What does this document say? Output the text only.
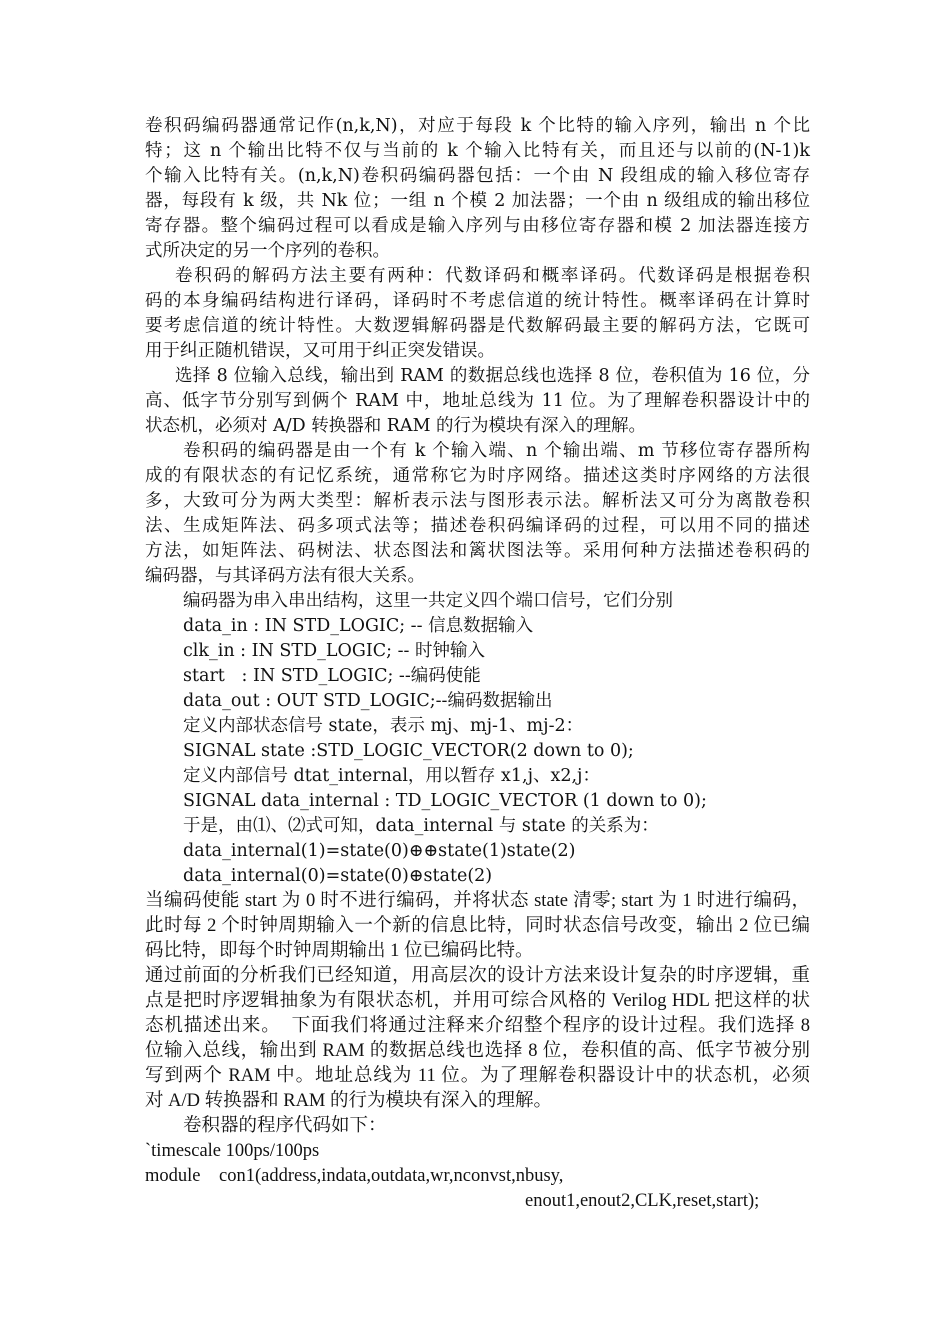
卷积码编码器通常记作(n,k,N)，对应于每段 k 个比特的输入序列，输出 n 个比
特；这 n 个输出比特不仅与当前的 k 个输入比特有关，而且还与以前的(N-1)k
个输入比特有关。(n,k,N)卷积码编码器包括：一个由 N 段组成的输入移位寄存
器，每段有 k 级，共 Nk 位；一组 n 个模 2 加法器；一个由 n 级组成的输出移位
寄存器。整个编码过程可以看成是输入序列与由移位寄存器和模 2 加法器连接方
式所决定的另一个序列的卷积。
卷积码的解码方法主要有两种：代数译码和概率译码。代数译码是根据卷积
码的本身编码结构进行译码，译码时不考虑信道的统计特性。概率译码在计算时
要考虑信道的统计特性。大数逻辑解码器是代数解码最主要的解码方法，它既可
用于纠正随机错误，又可用于纠正突发错误。
选择 8 位输入总线，输出到 RAM 的数据总线也选择 8 位，卷积值为 16 位，分
高、低字节分别写到俩个 RAM 中，地址总线为 11 位。为了理解卷积器设计中的
状态机，必须对 A/D 转换器和 RAM 的行为模块有深入的理解。
卷积码的编码器是由一个有 k 个输入端、n 个输出端、m 节移位寄存器所构
成的有限状态的有记忆系统，通常称它为时序网络。描述这类时序网络的方法很
多，大致可分为两大类型：解析表示法与图形表示法。解析法又可分为离散卷积
法、生成矩阵法、码多项式法等；描述卷积码编译码的过程，可以用不同的描述
方法，如矩阵法、码树法、状态图法和篱状图法等。采用何种方法描述卷积码的
编码器，与其译码方法有很大关系。
编码器为串入串出结构，这里一共定义四个端口信号，它们分别
data_in : IN STD_LOGIC; -- 信息数据输入
clk_in : IN STD_LOGIC; -- 时钟输入
start   : IN STD_LOGIC; --编码使能
data_out : OUT STD_LOGIC;--编码数据输出
定义内部状态信号 state，表示 mj、mj-1、mj-2：
SIGNAL state :STD_LOGIC_VECTOR(2 down to 0);
定义内部信号 dtat_internal，用以暂存 x1,j、x2,j：
SIGNAL data_internal : TD_LOGIC_VECTOR (1 down to 0);
于是，由⑴、⑵式可知，data_internal 与 state 的关系为：
data_internal(1)=state(0)⊕⊕state(1)state(2)
data_internal(0)=state(0)⊕state(2)
当编码使能 start 为 0 时不进行编码，并将状态 state 清零; start 为 1 时进行编码，
此时每 2 个时钟周期输入一个新的信息比特，同时状态信号改变，输出 2 位已编
码比特，即每个时钟周期输出 1 位已编码比特。
通过前面的分析我们已经知道，用高层次的设计方法来设计复杂的时序逻辑，重
点是把时序逻辑抽象为有限状态机，并用可综合风格的 Verilog HDL 把这样的状
态机描述出来。  下面我们将通过注释来介绍整个程序的设计过程。我们选择 8
位输入总线，输出到 RAM 的数据总线也选择 8 位，卷积值的高、低字节被分别
写到两个 RAM 中。地址总线为 11 位。为了理解卷积器设计中的状态机，必须
对 A/D 转换器和 RAM 的行为模块有深入的理解。
卷积器的程序代码如下：
`timescale 100ps/100ps
module    con1(address,indata,outdata,wr,nconvst,nbusy,
enout1,enout2,CLK,reset,start);
